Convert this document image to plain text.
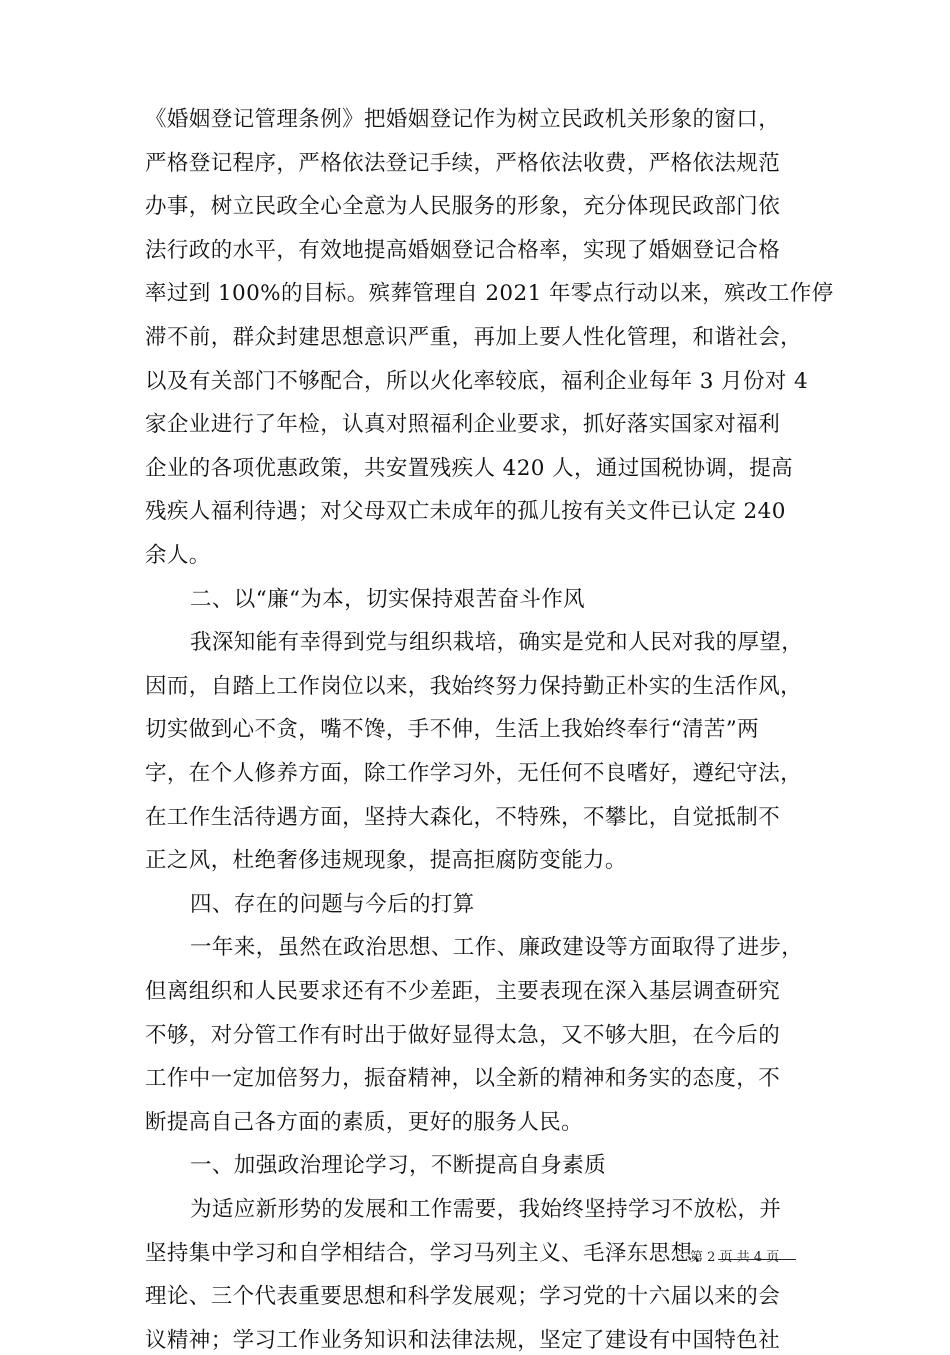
《婚姻登记管理条例》把婚姻登记作为树立民政机关形象的窗口，
严格登记程序，严格依法登记手续，严格依法收费，严格依法规范
办事，树立民政全心全意为人民服务的形象，充分体现民政部门依
法行政的水平，有效地提高婚姻登记合格率，实现了婚姻登记合格
率过到 100%的目标。殡葬管理自 2021 年零点行动以来，殡改工作停
滞不前，群众封建思想意识严重，再加上要人性化管理，和谐社会，
以及有关部门不够配合，所以火化率较底，福利企业每年 3 月份对 4
家企业进行了年检，认真对照福利企业要求，抓好落实国家对福利
企业的各项优惠政策，共安置残疾人 420 人，通过国税协调，提高
残疾人福利待遇；对父母双亡未成年的孤儿按有关文件已认定 240
余人。
二、以“廉“为本，切实保持艰苦奋斗作风
我深知能有幸得到党与组织栽培，确实是党和人民对我的厚望，
因而，自踏上工作岗位以来，我始终努力保持勤正朴实的生活作风，
切实做到心不贪，嘴不馋，手不伸，生活上我始终奉行“清苦”两
字，在个人修养方面，除工作学习外，无任何不良嗜好，遵纪守法，
在工作生活待遇方面，坚持大森化，不特殊，不攀比，自觉抵制不
正之风，杜绝奢侈违规现象，提高拒腐防变能力。
四、存在的问题与今后的打算
一年来，虽然在政治思想、工作、廉政建设等方面取得了进步，
但离组织和人民要求还有不少差距，主要表现在深入基层调查研究
不够，对分管工作有时出于做好显得太急，又不够大胆，在今后的
工作中一定加倍努力，振奋精神，以全新的精神和务实的态度，不
断提高自己各方面的素质，更好的服务人民。
一、加强政治理论学习，不断提高自身素质
为适应新形势的发展和工作需要，我始终坚持学习不放松，并
坚持集中学习和自学相结合，学习马列主义、毛泽东思想、
理论、三个代表重要思想和科学发展观；学习党的十六届以来的会
议精神；学习工作业务知识和法律法规，坚定了建设有中国特色社
第 2 页 共 4 页
